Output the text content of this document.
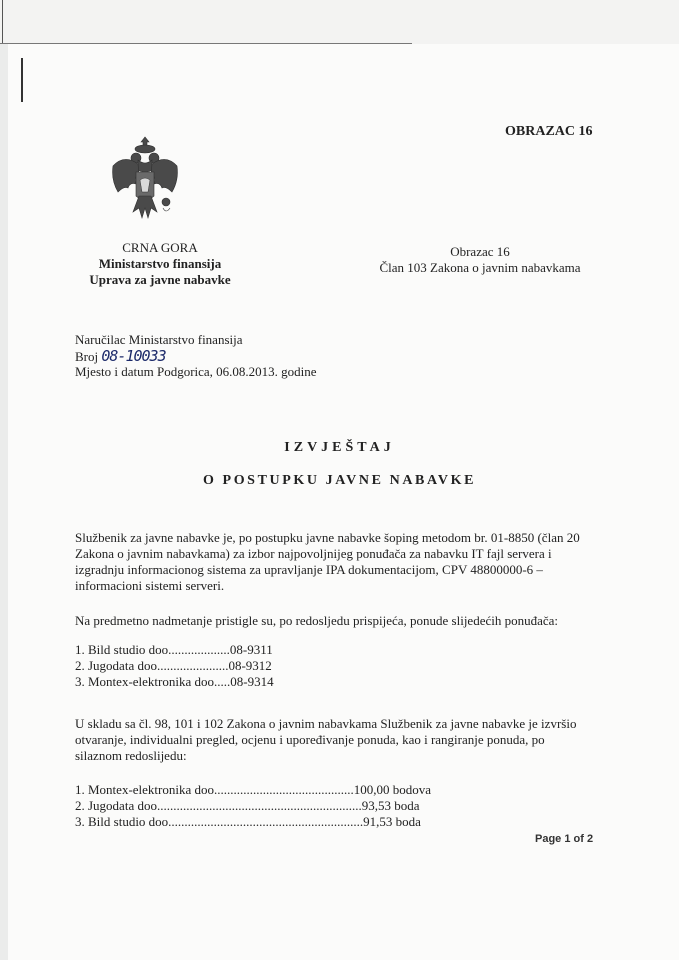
OBRAZAC 16
CRNA GORA
Ministarstvo finansija
Uprava za javne nabavke
Obrazac 16
Član 103 Zakona o javnim nabavkama
Naručilac Ministarstvo finansija
Broj 08-10033
Mjesto i datum Podgorica, 06.08.2013. godine
IZVJEŠTAJ
O POSTUPKU JAVNE NABAVKE
Službenik za javne nabavke je, po postupku javne nabavke šoping metodom br. 01-8850 (član 20
Zakona o javnim nabavkama) za izbor najpovoljnijeg ponuđača za nabavku IT fajl servera i
izgradnju informacionog sistema za upravljanje IPA dokumentacijom, CPV 48800000-6 –
informacioni sistemi serveri.
Na predmetno nadmetanje pristigle su, po redosljedu prispijeća, ponude slijedećih ponuđača:
1. Bild studio doo...................08-9311
2. Jugodata doo......................08-9312
3. Montex-elektronika doo.....08-9314
U skladu sa čl. 98, 101 i 102 Zakona o javnim nabavkama Službenik za javne nabavke je izvršio
otvaranje, individualni pregled, ocjenu i upoređivanje ponuda, kao i rangiranje ponuda, po
silaznom redoslijedu:
1. Montex-elektronika doo...........................................100,00 bodova
2. Jugodata doo...............................................................93,53 boda
3. Bild studio doo............................................................91,53 boda
Page 1 of 2
